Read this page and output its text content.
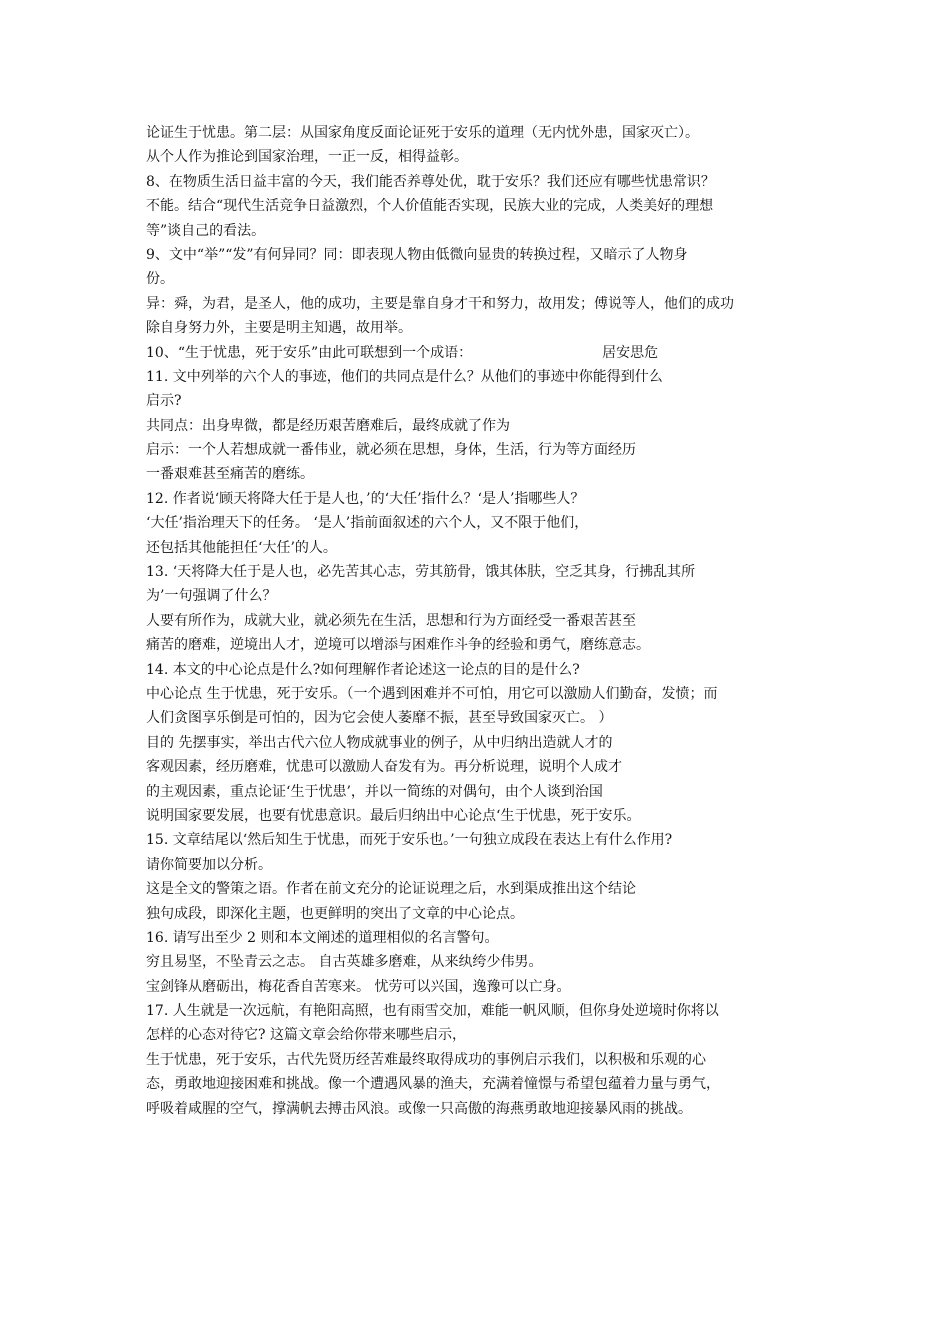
论证生于忧患。第二层：从国家角度反面论证死于安乐的道理（无内忧外患，国家灭亡）。
从个人作为推论到国家治理，一正一反，相得益彰。
8、在物质生活日益丰富的今天，我们能否养尊处优，耽于安乐？我们还应有哪些忧患常识？
不能。结合“现代生活竞争日益激烈，个人价值能否实现，民族大业的完成，人类美好的理想
等”谈自己的看法。
9、文中“举”“发”有何异同？同：即表现人物由低微向显贵的转换过程，又暗示了人物身
份。
异：舜，为君，是圣人，他的成功，主要是靠自身才干和努力，故用发；傅说等人，他们的成功
除自身努力外，主要是明主知遇，故用举。
10、“生于忧患，死于安乐”由此可联想到一个成语：	居安思危
11. 文中列举的六个人的事迹，他们的共同点是什么？从他们的事迹中你能得到什么
启示?
共同点：出身卑微，都是经历艰苦磨难后，最终成就了作为
启示：一个人若想成就一番伟业，就必须在思想，身体，生活，行为等方面经历
一番艰难甚至痛苦的磨练。
12. 作者说‘顾天将降大任于是人也，’的‘大任’指什么？‘是人’指哪些人？
‘大任’指治理天下的任务。 ‘是人’指前面叙述的六个人，又不限于他们，
还包括其他能担任‘大任’的人。
13. ‘天将降大任于是人也，必先苦其心志，劳其筋骨，饿其体肤，空乏其身，行拂乱其所
为’一句强调了什么？
人要有所作为，成就大业，就必须先在生活，思想和行为方面经受一番艰苦甚至
痛苦的磨难，逆境出人才，逆境可以增添与困难作斗争的经验和勇气，磨练意志。
14. 本文的中心论点是什么?如何理解作者论述这一论点的目的是什么?
中心论点 生于忧患，死于安乐。（一个遇到困难并不可怕，用它可以激励人们勤奋，发愤；而
人们贪图享乐倒是可怕的，因为它会使人萎靡不振，甚至导致国家灭亡。 ）
目的 先摆事实，举出古代六位人物成就事业的例子，从中归纳出造就人才的
客观因素，经历磨难，忧患可以激励人奋发有为。再分析说理，说明个人成才
的主观因素，重点论证‘生于忧患’，并以一简练的对偶句，由个人谈到治国
说明国家要发展，也要有忧患意识。最后归纳出中心论点‘生于忧患，死于安乐。
15. 文章结尾以‘然后知生于忧患，而死于安乐也。’一句独立成段在表达上有什么作用?
请你简要加以分析。
这是全文的警策之语。作者在前文充分的论证说理之后，水到渠成推出这个结论
独句成段，即深化主题，也更鲜明的突出了文章的中心论点。
16. 请写出至少 2 则和本文阐述的道理相似的名言警句。
穷且易坚，不坠青云之志。 自古英雄多磨难，从来纨绔少伟男。
宝剑锋从磨砺出，梅花香自苦寒来。 忧劳可以兴国，逸豫可以亡身。
17. 人生就是一次远航，有艳阳高照，也有雨雪交加，难能一帆风顺，但你身处逆境时你将以
怎样的心态对待它? 这篇文章会给你带来哪些启示，
生于忧患，死于安乐，古代先贤历经苦难最终取得成功的事例启示我们，以积极和乐观的心
态，勇敢地迎接困难和挑战。像一个遭遇风暴的渔夫，充满着憧憬与希望包蕴着力量与勇气，
呼吸着咸腥的空气，撑满帆去搏击风浪。或像一只高傲的海燕勇敢地迎接暴风雨的挑战。
